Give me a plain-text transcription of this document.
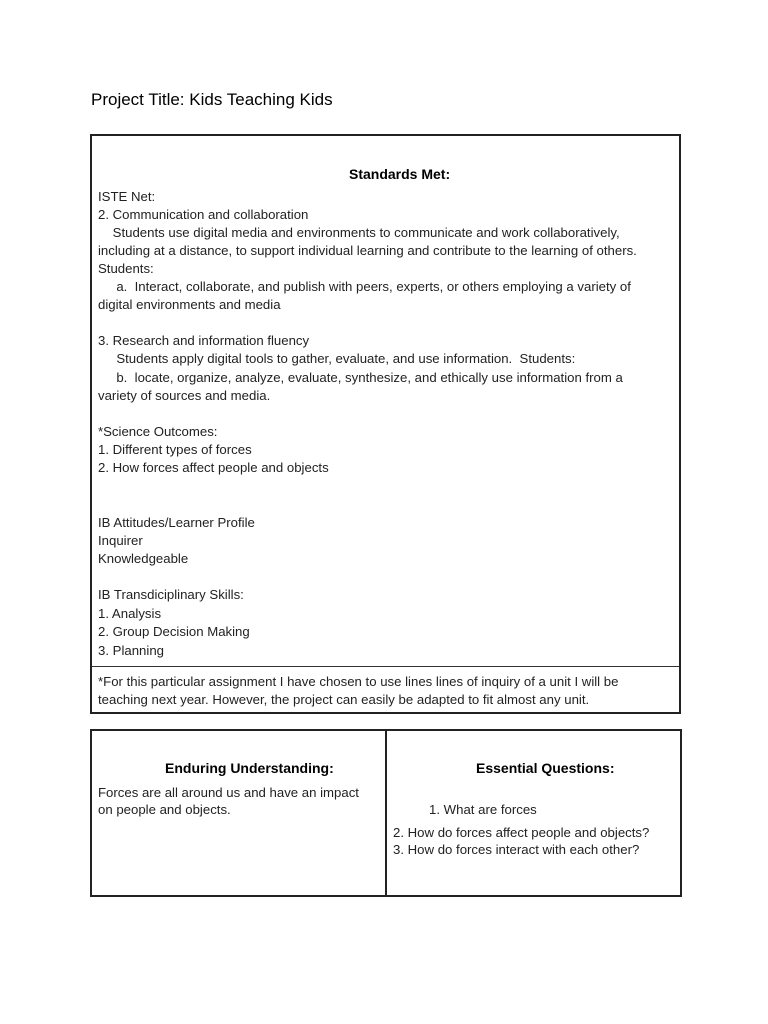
Project Title: Kids Teaching Kids
Standards Met:
ISTE Net:
2. Communication and collaboration
Students use digital media and environments to communicate and work collaboratively,
including at a distance, to support individual learning and contribute to the learning of others.
Students:
a.  Interact, collaborate, and publish with peers, experts, or others employing a variety of
digital environments and media
3. Research and information fluency
Students apply digital tools to gather, evaluate, and use information.  Students:
b.  locate, organize, analyze, evaluate, synthesize, and ethically use information from a
variety of sources and media.
*Science Outcomes:
1. Different types of forces
2. How forces affect people and objects
IB Attitudes/Learner Profile
Inquirer
Knowledgeable
IB Transdiciplinary Skills:
1. Analysis
2. Group Decision Making
3. Planning
*For this particular assignment I have chosen to use lines lines of inquiry of a unit I will be
teaching next year. However, the project can easily be adapted to fit almost any unit.
Enduring Understanding:
Forces are all around us and have an impact
on people and objects.
Essential Questions:
1. What are forces
2. How do forces affect people and objects?
3. How do forces interact with each other?
